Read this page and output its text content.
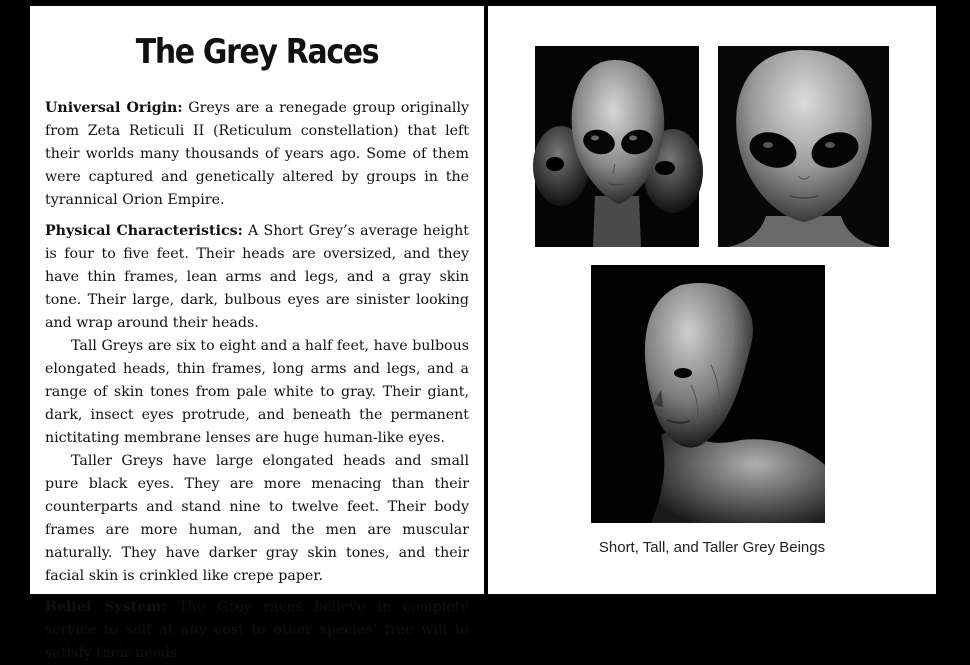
The Grey Races

Universal Origin: Greys are a renegade group originally from Zeta Reticuli II (Reticulum constellation) that left their worlds many thousands of years ago. Some of them were captured and genetically altered by groups in the tyrannical Orion Empire.

Physical Characteristics: A Short Grey’s average height is four to five feet. Their heads are oversized, and they have thin frames, lean arms and legs, and a gray skin tone. Their large, dark, bulbous eyes are sinister looking and wrap around their heads.

Tall Greys are six to eight and a half feet, have bulbous elongated heads, thin frames, long arms and legs, and a range of skin tones from pale white to gray. Their giant, dark, insect eyes protrude, and beneath the permanent nictitating membrane lenses are huge human-like eyes.

Taller Greys have large elongated heads and small pure black eyes. They are more menacing than their counterparts and stand nine to twelve feet. Their body frames are more human, and the men are muscular naturally. They have darker gray skin tones, and their facial skin is crinkled like crepe paper.

Belief System: The Grey races believe in complete service to self at any cost to other species’ free will to satisfy their needs.

Short, Tall, and Taller Grey Beings
